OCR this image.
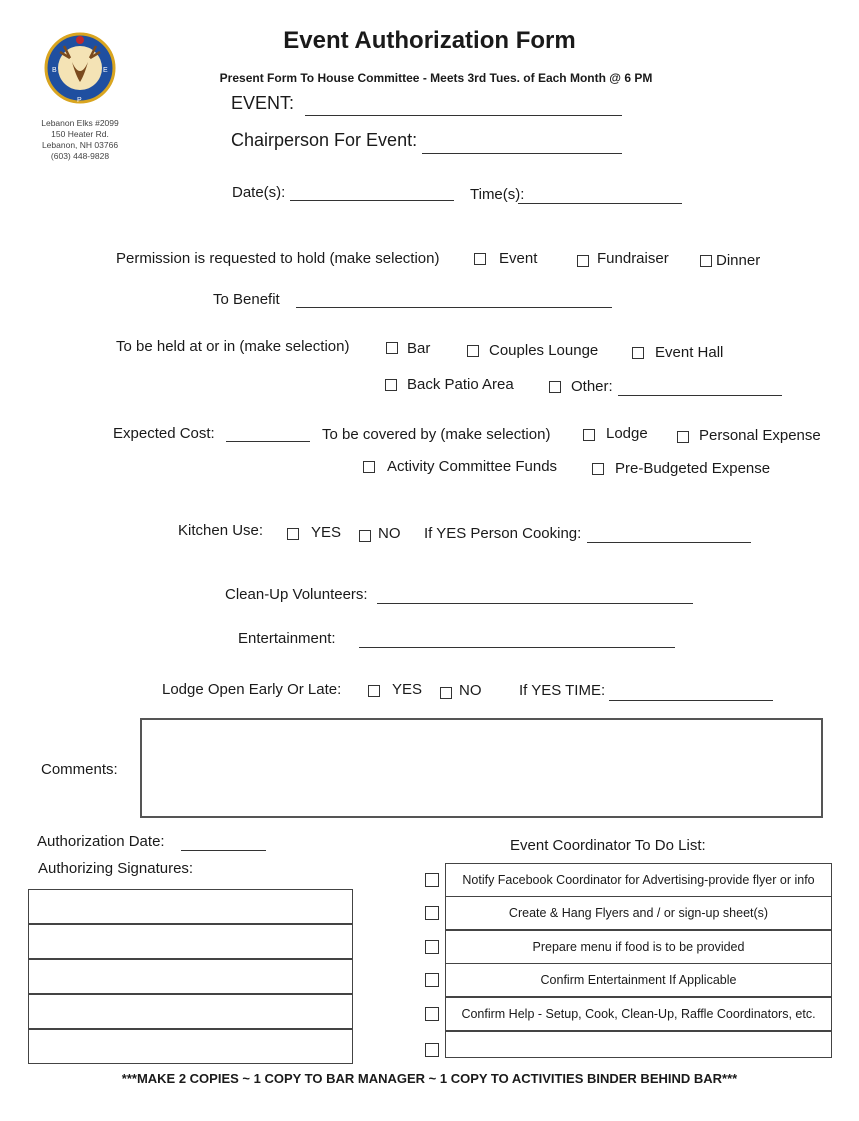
B
P
E
Lebanon Elks #2099
150 Heater Rd.
Lebanon, NH 03766
(603) 448-9828
Event Authorization Form
Present Form To House Committee - Meets 3rd Tues. of Each Month @ 6 PM
EVENT:
Chairperson For Event:
Date(s):	Time(s):
Permission is requested to hold (make selection)	Event	Fundraiser	Dinner
To Benefit
To be held at or in (make selection)	Bar	Couples Lounge	Event Hall
Back Patio Area	Other:
Expected Cost:	To be covered by (make selection)	Lodge	Personal Expense
Activity Committee Funds	Pre-Budgeted Expense
Kitchen Use:	YES NO If YES Person Cooking:
Clean-Up Volunteers:
Entertainment:
Lodge Open Early Or Late:	YES NO	If YES TIME:
Comments:
Authorization Date:
Authorizing Signatures:
Event Coordinator To Do List:
Notify Facebook Coordinator for Advertising-provide flyer or info
Create & Hang Flyers and / or sign-up sheet(s)
Prepare menu if food is to be provided
Confirm Entertainment If Applicable
Confirm Help - Setup, Cook, Clean-Up, Raffle Coordinators, etc.
***MAKE 2 COPIES ~ 1 COPY TO BAR MANAGER ~ 1 COPY TO ACTIVITIES BINDER BEHIND BAR***
